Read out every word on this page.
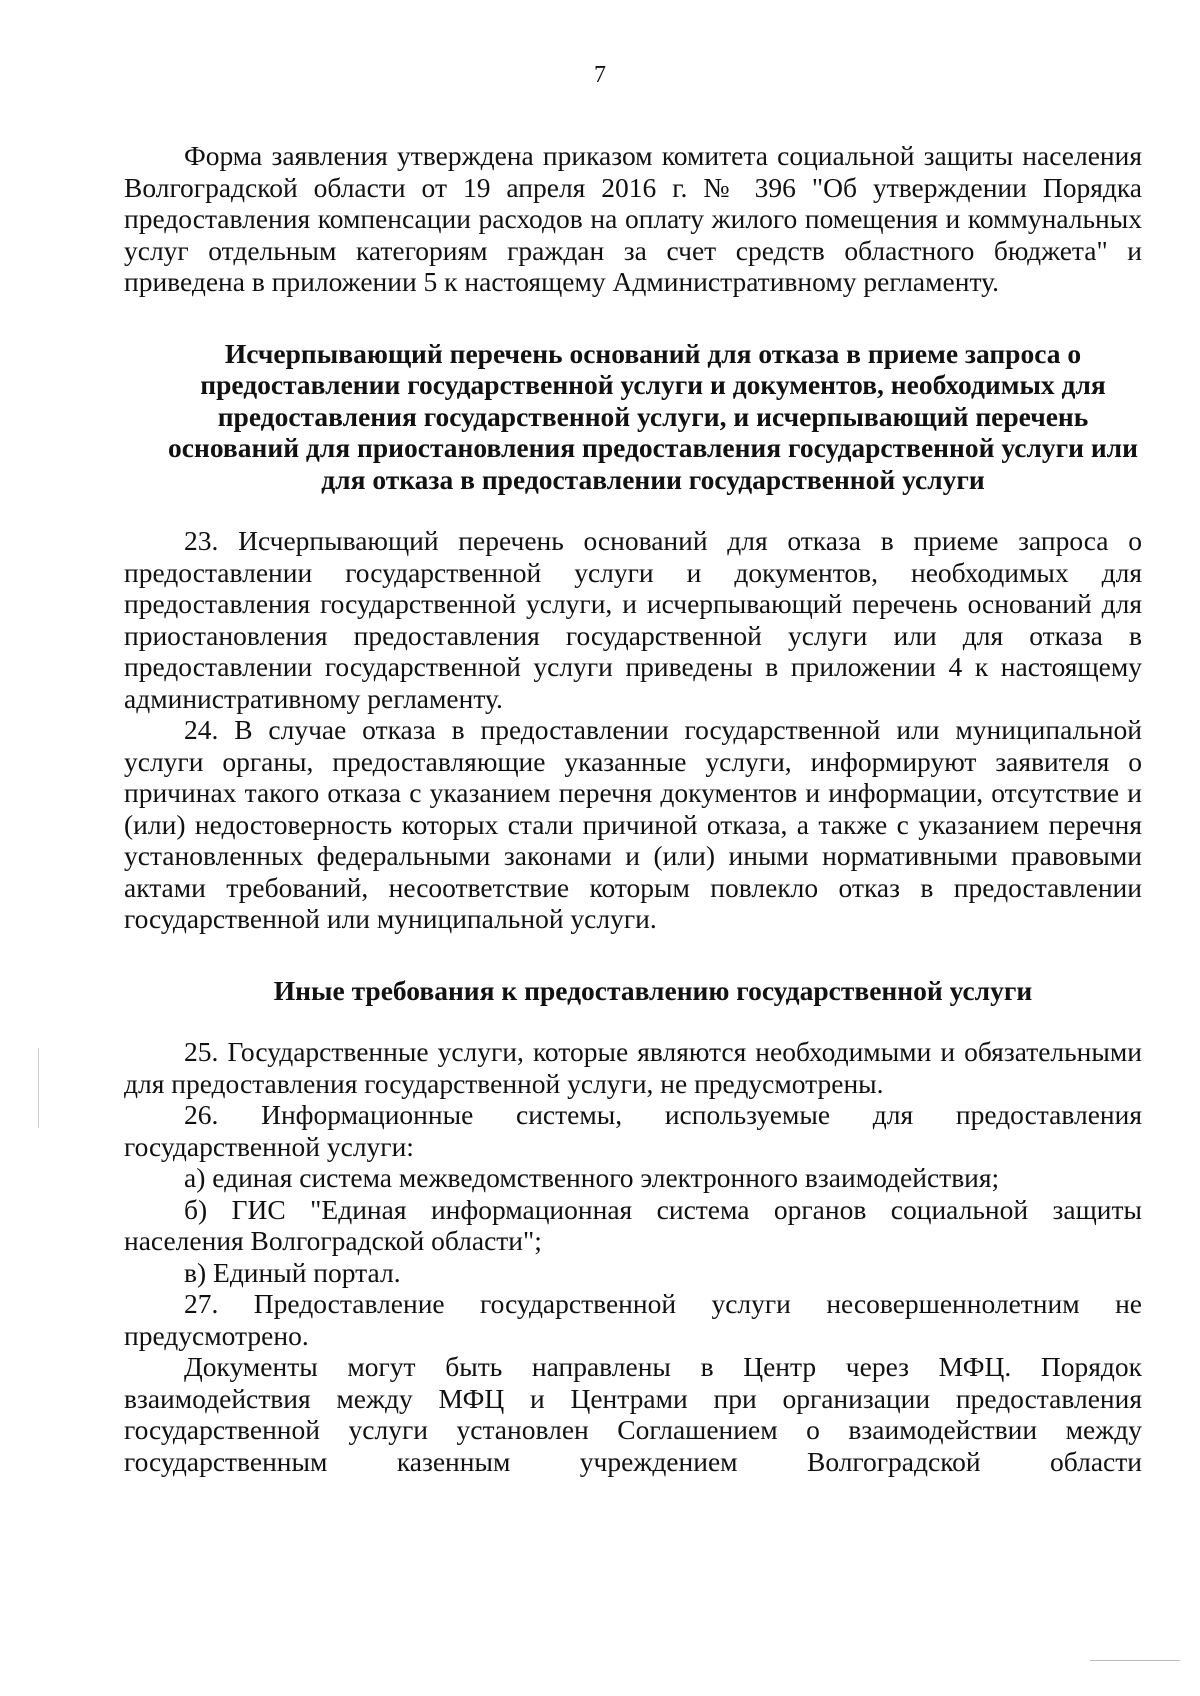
7

Форма заявления утверждена приказом комитета социальной защиты населения Волгоградской области от 19 апреля 2016 г. № 396 "Об утверждении Порядка предоставления компенсации расходов на оплату жилого помещения и коммунальных услуг отдельным категориям граждан за счет средств областного бюджета" и приведена в приложении 5 к настоящему Административному регламенту.

Исчерпывающий перечень оснований для отказа в приеме запроса о предоставлении государственной услуги и документов, необходимых для предоставления государственной услуги, и исчерпывающий перечень оснований для приостановления предоставления государственной услуги или для отказа в предоставлении государственной услуги

23. Исчерпывающий перечень оснований для отказа в приеме запроса о предоставлении государственной услуги и документов, необходимых для предоставления государственной услуги, и исчерпывающий перечень оснований для приостановления предоставления государственной услуги или для отказа в предоставлении государственной услуги приведены в приложении 4 к настоящему административному регламенту.

24. В случае отказа в предоставлении государственной или муниципальной услуги органы, предоставляющие указанные услуги, информируют заявителя о причинах такого отказа с указанием перечня документов и информации, отсутствие и (или) недостоверность которых стали причиной отказа, а также с указанием перечня установленных федеральными законами и (или) иными нормативными правовыми актами требований, несоответствие которым повлекло отказ в предоставлении государственной или муниципальной услуги.

Иные требования к предоставлению государственной услуги

25. Государственные услуги, которые являются необходимыми и обязательными для предоставления государственной услуги, не предусмотрены.

26. Информационные системы, используемые для предоставления государственной услуги:

а) единая система межведомственного электронного взаимодействия;

б) ГИС "Единая информационная система органов социальной защиты населения Волгоградской области";

в) Единый портал.

27. Предоставление государственной услуги несовершеннолетним не предусмотрено.

Документы могут быть направлены в Центр через МФЦ. Порядок взаимодействия между МФЦ и Центрами при организации предоставления государственной услуги установлен Соглашением о взаимодействии между государственным казенным учреждением Волгоградской области
